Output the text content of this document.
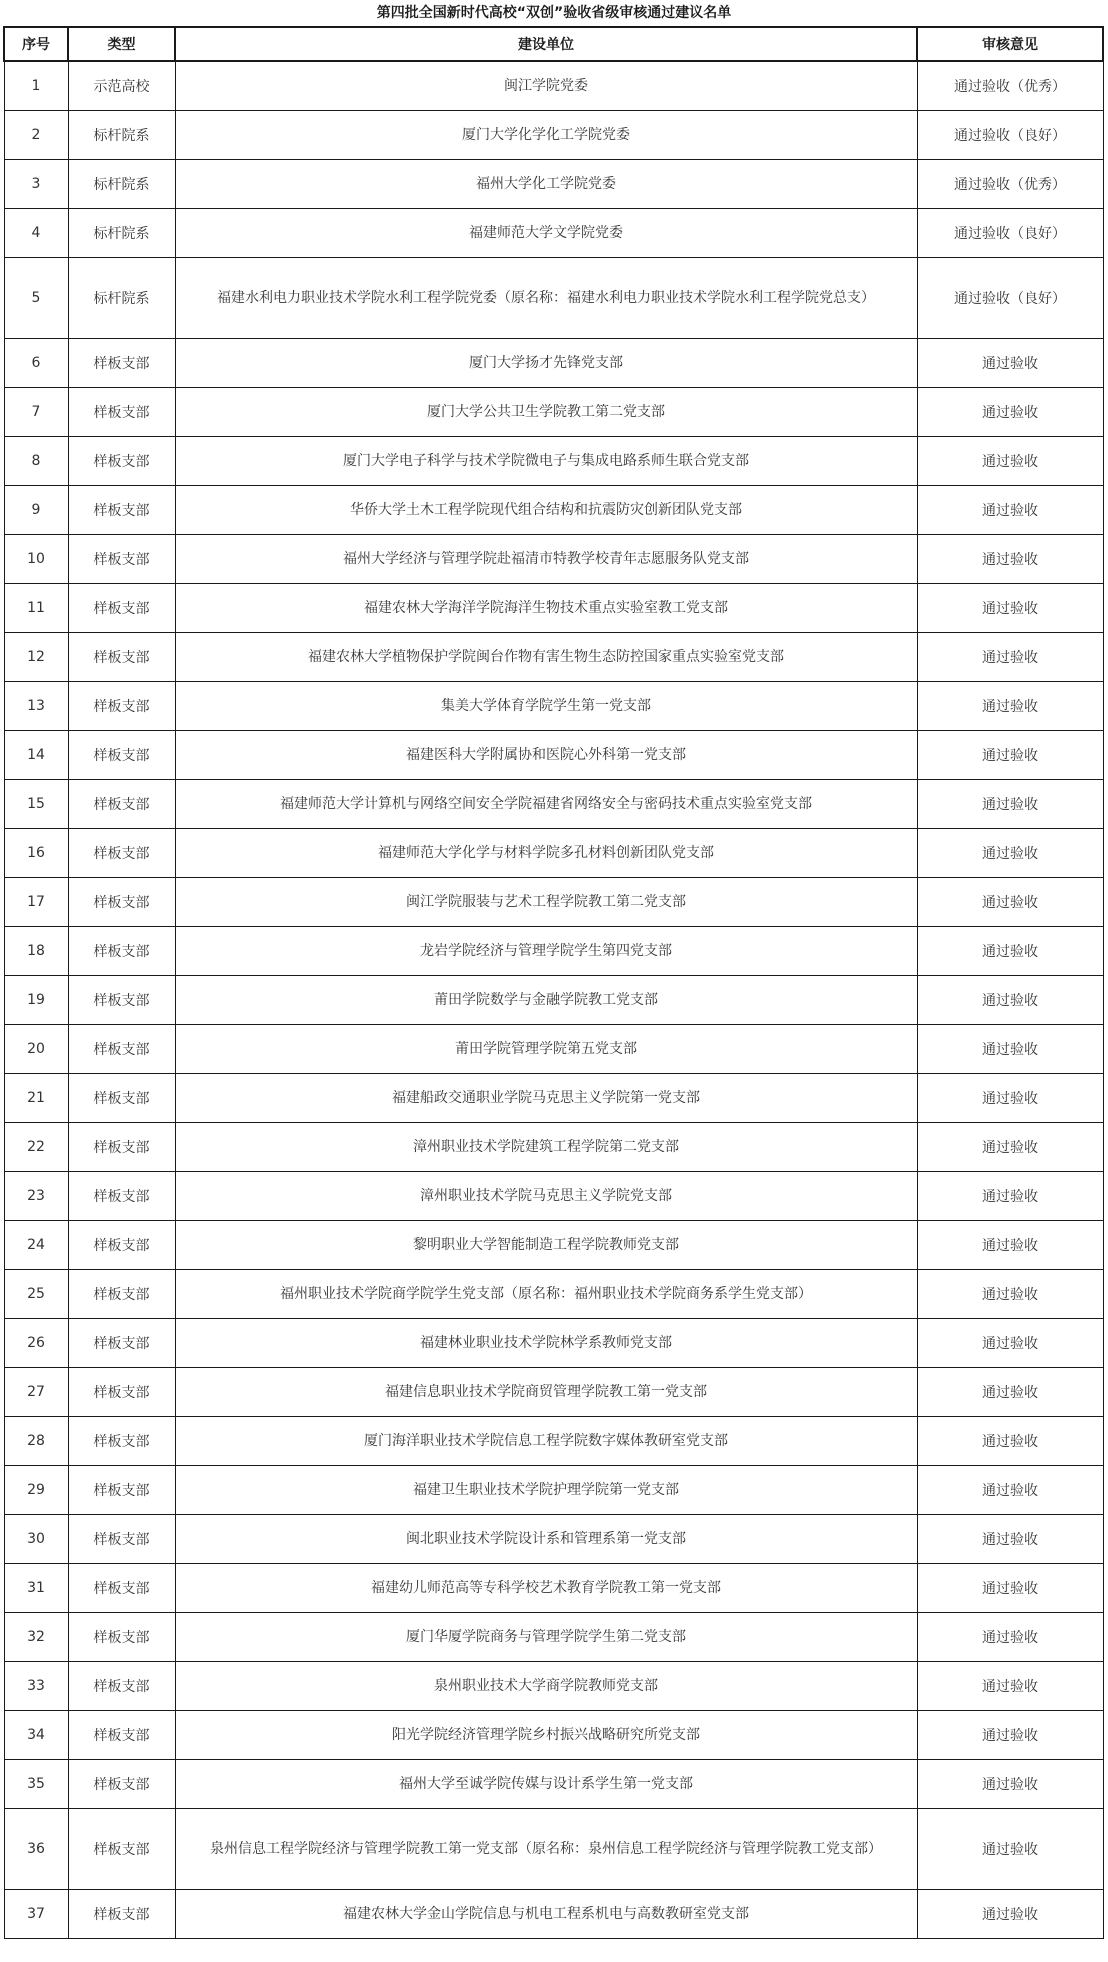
第四批全国新时代高校“双创”验收省级审核通过建议名单
序号	类型	建设单位	审核意见
1	示范高校	闽江学院党委	通过验收（优秀）
2	标杆院系	厦门大学化学化工学院党委	通过验收（良好）
3	标杆院系	福州大学化工学院党委	通过验收（优秀）
4	标杆院系	福建师范大学文学院党委	通过验收（良好）
5	标杆院系	福建水利电力职业技术学院水利工程学院党委（原名称：福建水利电力职业技术学院水利工程学院党总支）	通过验收（良好）
6	样板支部	厦门大学扬才先锋党支部	通过验收
7	样板支部	厦门大学公共卫生学院教工第二党支部	通过验收
8	样板支部	厦门大学电子科学与技术学院微电子与集成电路系师生联合党支部	通过验收
9	样板支部	华侨大学土木工程学院现代组合结构和抗震防灾创新团队党支部	通过验收
10	样板支部	福州大学经济与管理学院赴福清市特教学校青年志愿服务队党支部	通过验收
11	样板支部	福建农林大学海洋学院海洋生物技术重点实验室教工党支部	通过验收
12	样板支部	福建农林大学植物保护学院闽台作物有害生物生态防控国家重点实验室党支部	通过验收
13	样板支部	集美大学体育学院学生第一党支部	通过验收
14	样板支部	福建医科大学附属协和医院心外科第一党支部	通过验收
15	样板支部	福建师范大学计算机与网络空间安全学院福建省网络安全与密码技术重点实验室党支部	通过验收
16	样板支部	福建师范大学化学与材料学院多孔材料创新团队党支部	通过验收
17	样板支部	闽江学院服装与艺术工程学院教工第二党支部	通过验收
18	样板支部	龙岩学院经济与管理学院学生第四党支部	通过验收
19	样板支部	莆田学院数学与金融学院教工党支部	通过验收
20	样板支部	莆田学院管理学院第五党支部	通过验收
21	样板支部	福建船政交通职业学院马克思主义学院第一党支部	通过验收
22	样板支部	漳州职业技术学院建筑工程学院第二党支部	通过验收
23	样板支部	漳州职业技术学院马克思主义学院党支部	通过验收
24	样板支部	黎明职业大学智能制造工程学院教师党支部	通过验收
25	样板支部	福州职业技术学院商学院学生党支部（原名称：福州职业技术学院商务系学生党支部）	通过验收
26	样板支部	福建林业职业技术学院林学系教师党支部	通过验收
27	样板支部	福建信息职业技术学院商贸管理学院教工第一党支部	通过验收
28	样板支部	厦门海洋职业技术学院信息工程学院数字媒体教研室党支部	通过验收
29	样板支部	福建卫生职业技术学院护理学院第一党支部	通过验收
30	样板支部	闽北职业技术学院设计系和管理系第一党支部	通过验收
31	样板支部	福建幼儿师范高等专科学校艺术教育学院教工第一党支部	通过验收
32	样板支部	厦门华厦学院商务与管理学院学生第二党支部	通过验收
33	样板支部	泉州职业技术大学商学院教师党支部	通过验收
34	样板支部	阳光学院经济管理学院乡村振兴战略研究所党支部	通过验收
35	样板支部	福州大学至诚学院传媒与设计系学生第一党支部	通过验收
36	样板支部	泉州信息工程学院经济与管理学院教工第一党支部（原名称：泉州信息工程学院经济与管理学院教工党支部）	通过验收
37	样板支部	福建农林大学金山学院信息与机电工程系机电与高数教研室党支部	通过验收
